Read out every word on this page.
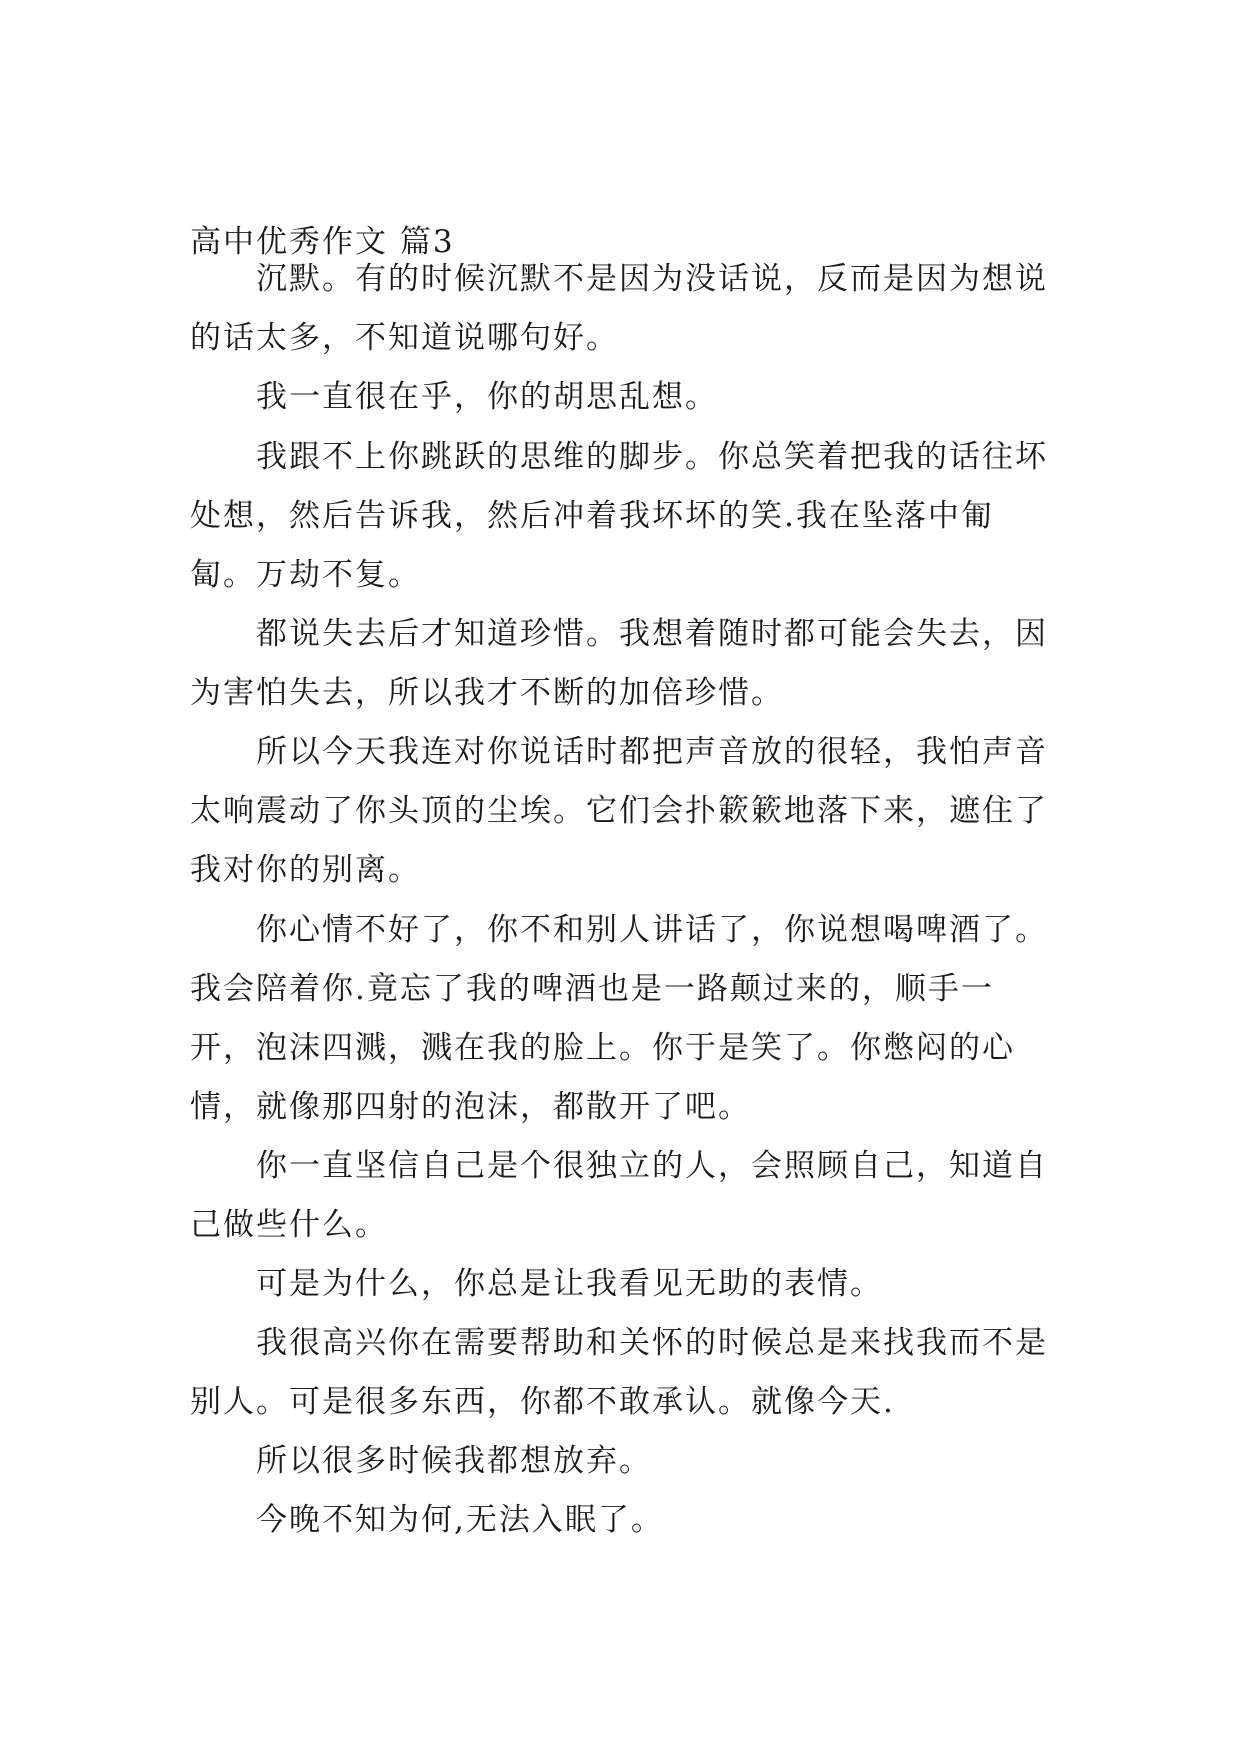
高中优秀作文 篇3

沉默。有的时候沉默不是因为没话说，反而是因为想说的话太多，不知道说哪句好。

我一直很在乎，你的胡思乱想。

我跟不上你跳跃的思维的脚步。你总笑着把我的话往坏处想，然后告诉我，然后冲着我坏坏的笑.我在坠落中匍匐。万劫不复。

都说失去后才知道珍惜。我想着随时都可能会失去，因为害怕失去，所以我才不断的加倍珍惜。

所以今天我连对你说话时都把声音放的很轻，我怕声音太响震动了你头顶的尘埃。它们会扑簌簌地落下来，遮住了我对你的别离。

你心情不好了，你不和别人讲话了，你说想喝啤酒了。我会陪着你.竟忘了我的啤酒也是一路颠过来的，顺手一开，泡沫四溅，溅在我的脸上。你于是笑了。你憋闷的心情，就像那四射的泡沫，都散开了吧。

你一直坚信自己是个很独立的人，会照顾自己，知道自己做些什么。

可是为什么，你总是让我看见无助的表情。

我很高兴你在需要帮助和关怀的时候总是来找我而不是别人。可是很多东西，你都不敢承认。就像今天.

所以很多时候我都想放弃。

今晚不知为何,无法入眠了。
